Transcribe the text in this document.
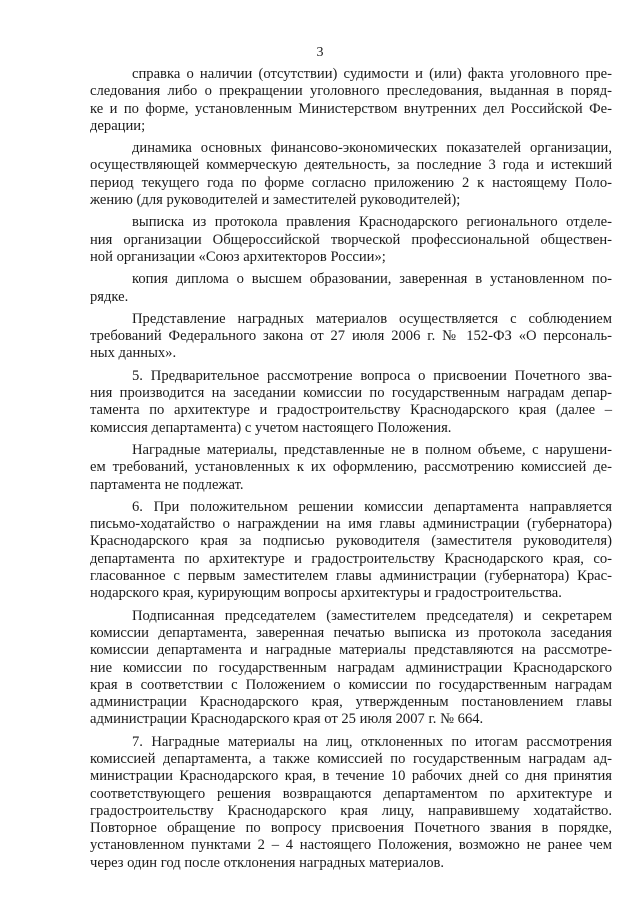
3

справка о наличии (отсутствии) судимости и (или) факта уголовного пре-
следования либо о прекращении уголовного преследования, выданная в поряд-
ке и по форме, установленным Министерством внутренних дел Российской Фе-
дерации;

динамика основных финансово-экономических показателей организации,
осуществляющей коммерческую деятельность, за последние 3 года и истекший
период текущего года по форме согласно приложению 2 к настоящему Поло-
жению (для руководителей и заместителей руководителей);

выписка из протокола правления Краснодарского регионального отделе-
ния организации Общероссийской творческой профессиональной обществен-
ной организации «Союз архитекторов России»;

копия диплома о высшем образовании, заверенная в установленном по-
рядке.

Представление наградных материалов осуществляется с соблюдением
требований Федерального закона от 27 июля 2006 г. № 152-ФЗ «О персональ-
ных данных».

5. Предварительное рассмотрение вопроса о присвоении Почетного зва-
ния производится на заседании комиссии по государственным наградам депар-
тамента по архитектуре и градостроительству Краснодарского края (далее –
комиссия департамента) с учетом настоящего Положения.

Наградные материалы, представленные не в полном объеме, с нарушени-
ем требований, установленных к их оформлению, рассмотрению комиссией де-
партамента не подлежат.

6. При положительном решении комиссии департамента направляется
письмо-ходатайство о награждении на имя главы администрации (губернатора)
Краснодарского края за подписью руководителя (заместителя руководителя)
департамента по архитектуре и градостроительству Краснодарского края, со-
гласованное с первым заместителем главы администрации (губернатора) Крас-
нодарского края, курирующим вопросы архитектуры и градостроительства.

Подписанная председателем (заместителем председателя) и секретарем
комиссии департамента, заверенная печатью выписка из протокола заседания
комиссии департамента и наградные материалы представляются на рассмотре-
ние комиссии по государственным наградам администрации Краснодарского
края в соответствии с Положением о комиссии по государственным наградам
администрации Краснодарского края, утвержденным постановлением главы
администрации Краснодарского края от 25 июля 2007 г. № 664.

7. Наградные материалы на лиц, отклоненных по итогам рассмотрения
комиссией департамента, а также комиссией по государственным наградам ад-
министрации Краснодарского края, в течение 10 рабочих дней со дня принятия
соответствующего решения возвращаются департаментом по архитектуре и
градостроительству Краснодарского края лицу, направившему ходатайство.
Повторное обращение по вопросу присвоения Почетного звания в порядке,
установленном пунктами 2 – 4 настоящего Положения, возможно не ранее чем
через один год после отклонения наградных материалов.
